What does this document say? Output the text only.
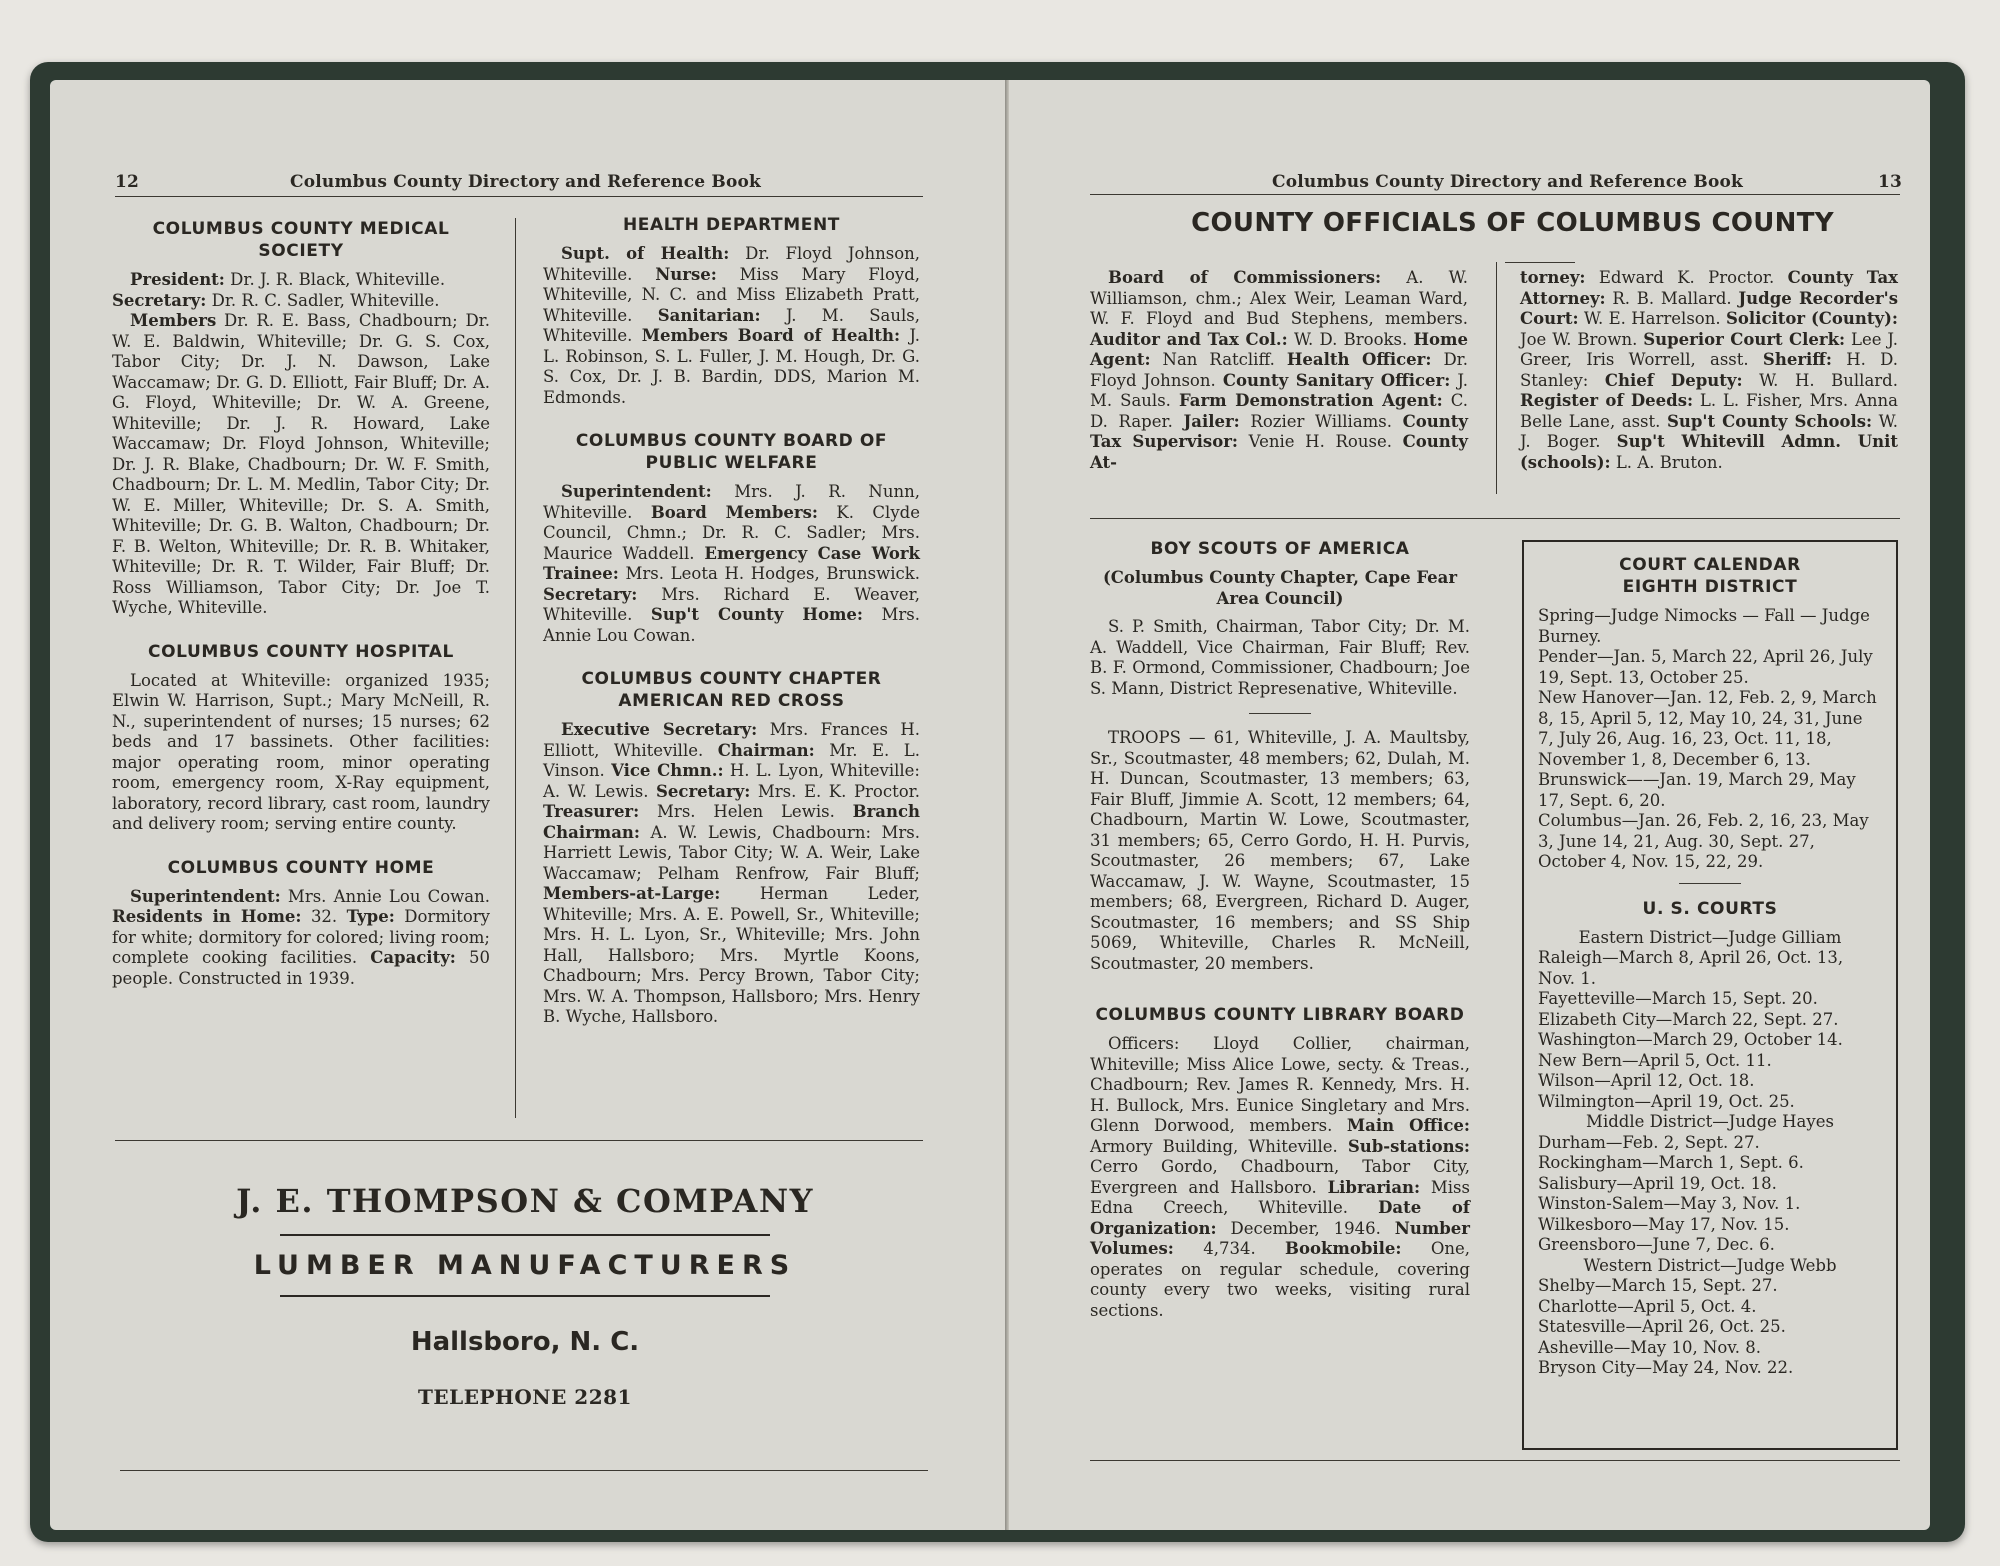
12	Columbus County Directory and Reference Book
COLUMBUS COUNTY MEDICAL SOCIETY

President: Dr. J. R. Black, Whiteville.

Secretary: Dr. R. C. Sadler, Whiteville.

Members Dr. R. E. Bass, Chadbourn; Dr. W. E. Baldwin, Whiteville; Dr. G. S. Cox, Tabor City; Dr. J. N. Dawson, Lake Waccamaw; Dr. G. D. Elliott, Fair Bluff; Dr. A. G. Floyd, Whiteville; Dr. W. A. Greene, Whiteville; Dr. J. R. Howard, Lake Waccamaw; Dr. Floyd Johnson, Whiteville; Dr. J. R. Blake, Chadbourn; Dr. W. F. Smith, Chadbourn; Dr. L. M. Medlin, Tabor City; Dr. W. E. Miller, Whiteville; Dr. S. A. Smith, Whiteville; Dr. G. B. Walton, Chadbourn; Dr. F. B. Welton, Whiteville; Dr. R. B. Whitaker, Whiteville; Dr. R. T. Wilder, Fair Bluff; Dr. Ross Williamson, Tabor City; Dr. Joe T. Wyche, Whiteville.

COLUMBUS COUNTY HOSPITAL

Located at Whiteville: organized 1935; Elwin W. Harrison, Supt.; Mary McNeill, R. N., superintendent of nurses; 15 nurses; 62 beds and 17 bassinets. Other facilities: major operating room, minor operating room, emergency room, X-Ray equipment, laboratory, record library, cast room, laundry and delivery room; serving entire county.

COLUMBUS COUNTY HOME

Superintendent: Mrs. Annie Lou Cowan. Residents in Home: 32. Type: Dormitory for white; dormitory for colored; living room; complete cooking facilities. Capacity: 50 people. Constructed in 1939.

HEALTH DEPARTMENT

Supt. of Health: Dr. Floyd Johnson, Whiteville. Nurse: Miss Mary Floyd, Whiteville, N. C. and Miss Elizabeth Pratt, Whiteville. Sanitarian: J. M. Sauls, Whiteville. Members Board of Health: J. L. Robinson, S. L. Fuller, J. M. Hough, Dr. G. S. Cox, Dr. J. B. Bardin, DDS, Marion M. Edmonds.

COLUMBUS COUNTY BOARD OF PUBLIC WELFARE

Superintendent: Mrs. J. R. Nunn, Whiteville. Board Members: K. Clyde Council, Chmn.; Dr. R. C. Sadler; Mrs. Maurice Waddell. Emergency Case Work Trainee: Mrs. Leota H. Hodges, Brunswick. Secretary: Mrs. Richard E. Weaver, Whiteville. Sup't County Home: Mrs. Annie Lou Cowan.

COLUMBUS COUNTY CHAPTER AMERICAN RED CROSS

Executive Secretary: Mrs. Frances H. Elliott, Whiteville. Chairman: Mr. E. L. Vinson. Vice Chmn.: H. L. Lyon, Whiteville: A. W. Lewis. Secretary: Mrs. E. K. Proctor. Treasurer: Mrs. Helen Lewis. Branch Chairman: A. W. Lewis, Chadbourn: Mrs. Harriett Lewis, Tabor City; W. A. Weir, Lake Waccamaw; Pelham Renfrow, Fair Bluff; Members-at-Large: Herman Leder, Whiteville; Mrs. A. E. Powell, Sr., Whiteville; Mrs. H. L. Lyon, Sr., Whiteville; Mrs. John Hall, Hallsboro; Mrs. Myrtle Koons, Chadbourn; Mrs. Percy Brown, Tabor City; Mrs. W. A. Thompson, Hallsboro; Mrs. Henry B. Wyche, Hallsboro.

J. E. THOMPSON & COMPANY
LUMBER MANUFACTURERS
Hallsboro, N. C.
TELEPHONE 2281
Columbus County Directory and Reference Book	13
COUNTY OFFICIALS OF COLUMBUS COUNTY

Board of Commissioners: A. W. Williamson, chm.; Alex Weir, Leaman Ward, W. F. Floyd and Bud Stephens, members. Auditor and Tax Col.: W. D. Brooks. Home Agent: Nan Ratcliff. Health Officer: Dr. Floyd Johnson. County Sanitary Officer: J. M. Sauls. Farm Demonstration Agent: C. D. Raper. Jailer: Rozier Williams. County Tax Supervisor: Venie H. Rouse. County At-

torney: Edward K. Proctor. County Tax Attorney: R. B. Mallard. Judge Recorder's Court: W. E. Harrelson. Solicitor (County): Joe W. Brown. Superior Court Clerk: Lee J. Greer, Iris Worrell, asst. Sheriff: H. D. Stanley: Chief Deputy: W. H. Bullard. Register of Deeds: L. L. Fisher, Mrs. Anna Belle Lane, asst. Sup't County Schools: W. J. Boger. Sup't Whitevill Admn. Unit (schools): L. A. Bruton.

BOY SCOUTS OF AMERICA
(Columbus County Chapter, Cape Fear Area Council)

S. P. Smith, Chairman, Tabor City; Dr. M. A. Waddell, Vice Chairman, Fair Bluff; Rev. B. F. Ormond, Commissioner, Chadbourn; Joe S. Mann, District Represenative, Whiteville.

TROOPS — 61, Whiteville, J. A. Maultsby, Sr., Scoutmaster, 48 members; 62, Dulah, M. H. Duncan, Scoutmaster, 13 members; 63, Fair Bluff, Jimmie A. Scott, 12 members; 64, Chadbourn, Martin W. Lowe, Scoutmaster, 31 members; 65, Cerro Gordo, H. H. Purvis, Scoutmaster, 26 members; 67, Lake Waccamaw, J. W. Wayne, Scoutmaster, 15 members; 68, Evergreen, Richard D. Auger, Scoutmaster, 16 members; and SS Ship 5069, Whiteville, Charles R. McNeill, Scoutmaster, 20 members.

COLUMBUS COUNTY LIBRARY BOARD

Officers: Lloyd Collier, chairman, Whiteville; Miss Alice Lowe, secty. & Treas., Chadbourn; Rev. James R. Kennedy, Mrs. H. H. Bullock, Mrs. Eunice Singletary and Mrs. Glenn Dorwood, members. Main Office: Armory Building, Whiteville. Sub-stations: Cerro Gordo, Chadbourn, Tabor City, Evergreen and Hallsboro. Librarian: Miss Edna Creech, Whiteville. Date of Organization: December, 1946. Number Volumes: 4,734. Bookmobile: One, operates on regular schedule, covering county every two weeks, visiting rural sections.

COURT CALENDAR
EIGHTH DISTRICT

Spring—Judge Nimocks — Fall — Judge Burney.

Pender—Jan. 5, March 22, April 26, July 19, Sept. 13, October 25.

New Hanover—Jan. 12, Feb. 2, 9, March 8, 15, April 5, 12, May 10, 24, 31, June 7, July 26, Aug. 16, 23, Oct. 11, 18, November 1, 8, December 6, 13.

Brunswick——Jan. 19, March 29, May 17, Sept. 6, 20.

Columbus—Jan. 26, Feb. 2, 16, 23, May 3, June 14, 21, Aug. 30, Sept. 27, October 4, Nov. 15, 22, 29.

U. S. COURTS

Eastern District—Judge Gilliam

Raleigh—March 8, April 26, Oct. 13, Nov. 1.

Fayetteville—March 15, Sept. 20.

Elizabeth City—March 22, Sept. 27.

Washington—March 29, October 14.

New Bern—April 5, Oct. 11.

Wilson—April 12, Oct. 18.

Wilmington—April 19, Oct. 25.

Middle District—Judge Hayes

Durham—Feb. 2, Sept. 27.

Rockingham—March 1, Sept. 6.

Salisbury—April 19, Oct. 18.

Winston-Salem—May 3, Nov. 1.

Wilkesboro—May 17, Nov. 15.

Greensboro—June 7, Dec. 6.

Western District—Judge Webb

Shelby—March 15, Sept. 27.

Charlotte—April 5, Oct. 4.

Statesville—April 26, Oct. 25.

Asheville—May 10, Nov. 8.

Bryson City—May 24, Nov. 22.
